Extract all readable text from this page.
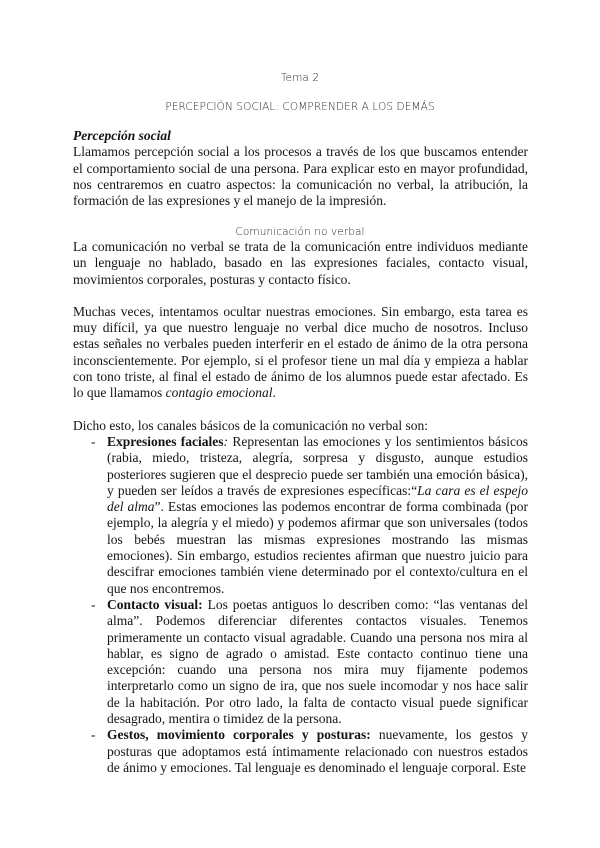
Tema 2
PERCEPCIÓN SOCIAL: COMPRENDER A LOS DEMÁS

Percepción social

Llamamos percepción social a los procesos a través de los que buscamos entender el comportamiento social de una persona. Para explicar esto en mayor profundidad, nos centraremos en cuatro aspectos: la comunicación no verbal, la atribución, la formación de las expresiones y el manejo de la impresión.

Comunicación no verbal

La comunicación no verbal se trata de la comunicación entre individuos mediante un lenguaje no hablado, basado en las expresiones faciales, contacto visual, movimientos corporales, posturas y contacto físico.

Muchas veces, intentamos ocultar nuestras emociones. Sin embargo, esta tarea es muy difícil, ya que nuestro lenguaje no verbal dice mucho de nosotros. Incluso estas señales no verbales pueden interferir en el estado de ánimo de la otra persona inconscientemente. Por ejemplo, si el profesor tiene un mal día y empieza a hablar con tono triste, al final el estado de ánimo de los alumnos puede estar afectado. Es lo que llamamos contagio emocional.

Dicho esto, los canales básicos de la comunicación no verbal son:

- Expresiones faciales: Representan las emociones y los sentimientos básicos (rabia, miedo, tristeza, alegría, sorpresa y disgusto, aunque estudios posteriores sugieren que el desprecio puede ser también una emoción básica), y pueden ser leídos a través de expresiones específicas:“La cara es el espejo del alma”. Estas emociones las podemos encontrar de forma combinada (por ejemplo, la alegría y el miedo) y podemos afirmar que son universales (todos los bebés muestran las mismas expresiones mostrando las mismas emociones). Sin embargo, estudios recientes afirman que nuestro juicio para descifrar emociones también viene determinado por el contexto/cultura en el que nos encontremos.
- Contacto visual: Los poetas antiguos lo describen como: “las ventanas del alma”. Podemos diferenciar diferentes contactos visuales. Tenemos primeramente un contacto visual agradable. Cuando una persona nos mira al hablar, es signo de agrado o amistad. Este contacto continuo tiene una excepción: cuando una persona nos mira muy fijamente podemos interpretarlo como un signo de ira, que nos suele incomodar y nos hace salir de la habitación. Por otro lado, la falta de contacto visual puede significar desagrado, mentira o timidez de la persona.
- Gestos, movimiento corporales y posturas: nuevamente, los gestos y posturas que adoptamos está íntimamente relacionado con nuestros estados de ánimo y emociones. Tal lenguaje es denominado el lenguaje corporal. Este
